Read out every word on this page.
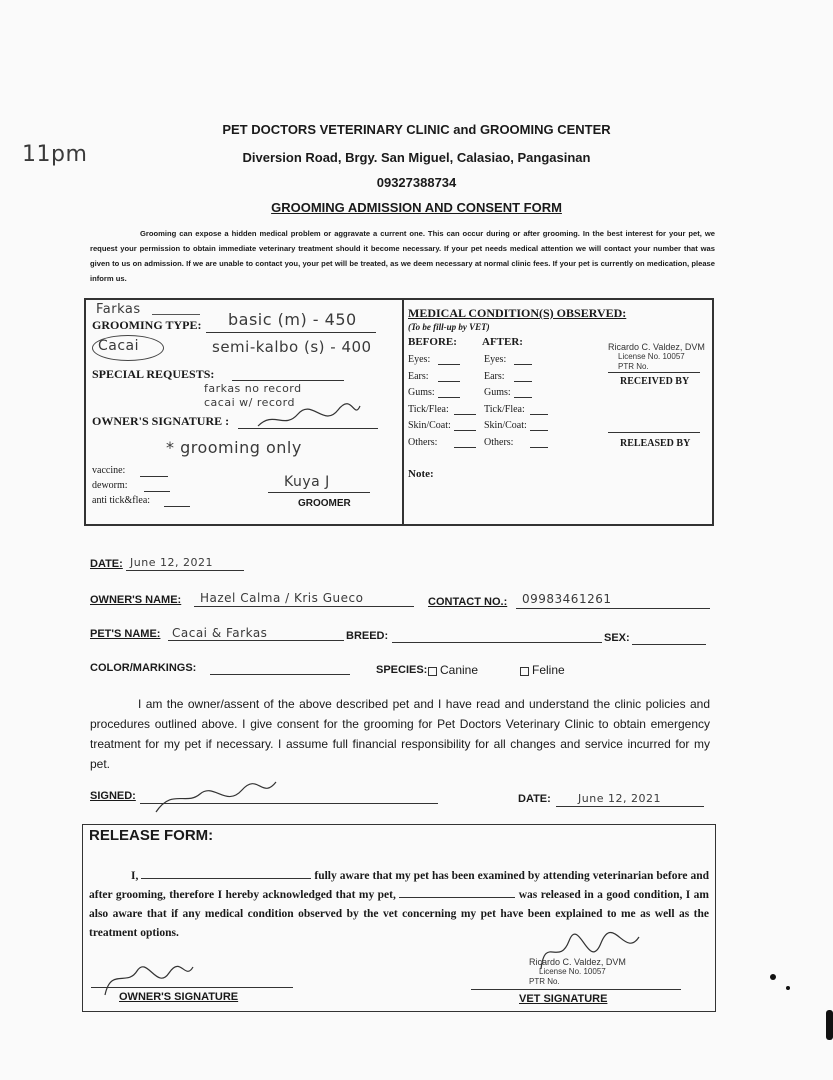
11pm
PET DOCTORS VETERINARY CLINIC and GROOMING CENTER
Diversion Road, Brgy. San Miguel, Calasiao, Pangasinan
09327388734
GROOMING ADMISSION AND CONSENT FORM
Grooming can expose a hidden medical problem or aggravate a current one. This can occur during or after grooming. In the best interest for your pet, we request your permission to obtain immediate veterinary treatment should it become necessary. If your pet needs medical attention we will contact your number that was given to us on admission. If we are unable to contact you, your pet will be treated, as we deem necessary at normal clinic fees. If your pet is currently on medication, please inform us.
Farkas
GROOMING TYPE: basic (m) - 450
Cacai	semi-kalbo (s) - 400
SPECIAL REQUESTS:
farkas no record
cacai w/ record
OWNER'S SIGNATURE :
* grooming only
vaccine:
deworm:
anti tick&flea:
Kuya J
GROOMER
MEDICAL CONDITION(S) OBSERVED:
(To be fill-up by VET)
BEFORE: AFTER:
Eyes:	Eyes:
Ears:	Ears:
Gums:	Gums:
Tick/Flea:	Tick/Flea:
Skin/Coat:	Skin/Coat:
Others:	Others:
Ricardo C. Valdez, DVM
License No. 10057
PTR No.
RECEIVED BY
RELEASED BY
Note:
DATE: June 12, 2021
OWNER'S NAME: Hazel Calma / Kris Gueco	CONTACT NO.: 09983461261
PET'S NAME: Cacai & Farkas	BREED:	SEX:
COLOR/MARKINGS:	SPECIES: Canine	Feline
I am the owner/assent of the above described pet and I have read and understand the clinic policies and procedures outlined above. I give consent for the grooming for Pet Doctors Veterinary Clinic to obtain emergency treatment for my pet if necessary. I assume full financial responsibility for all changes and service incurred for my pet.
SIGNED:	DATE: June 12, 2021
RELEASE FORM:
I,	fully aware that my pet has been examined by attending veterinarian before and after grooming, therefore I hereby acknowledged that my pet,	was released in a good condition, I am also aware that if any medical condition observed by the vet concerning my pet have been explained to me as well as the treatment options.
OWNER'S SIGNATURE
Ricardo C. Valdez, DVM
License No. 10057
PTR No.
VET SIGNATURE
